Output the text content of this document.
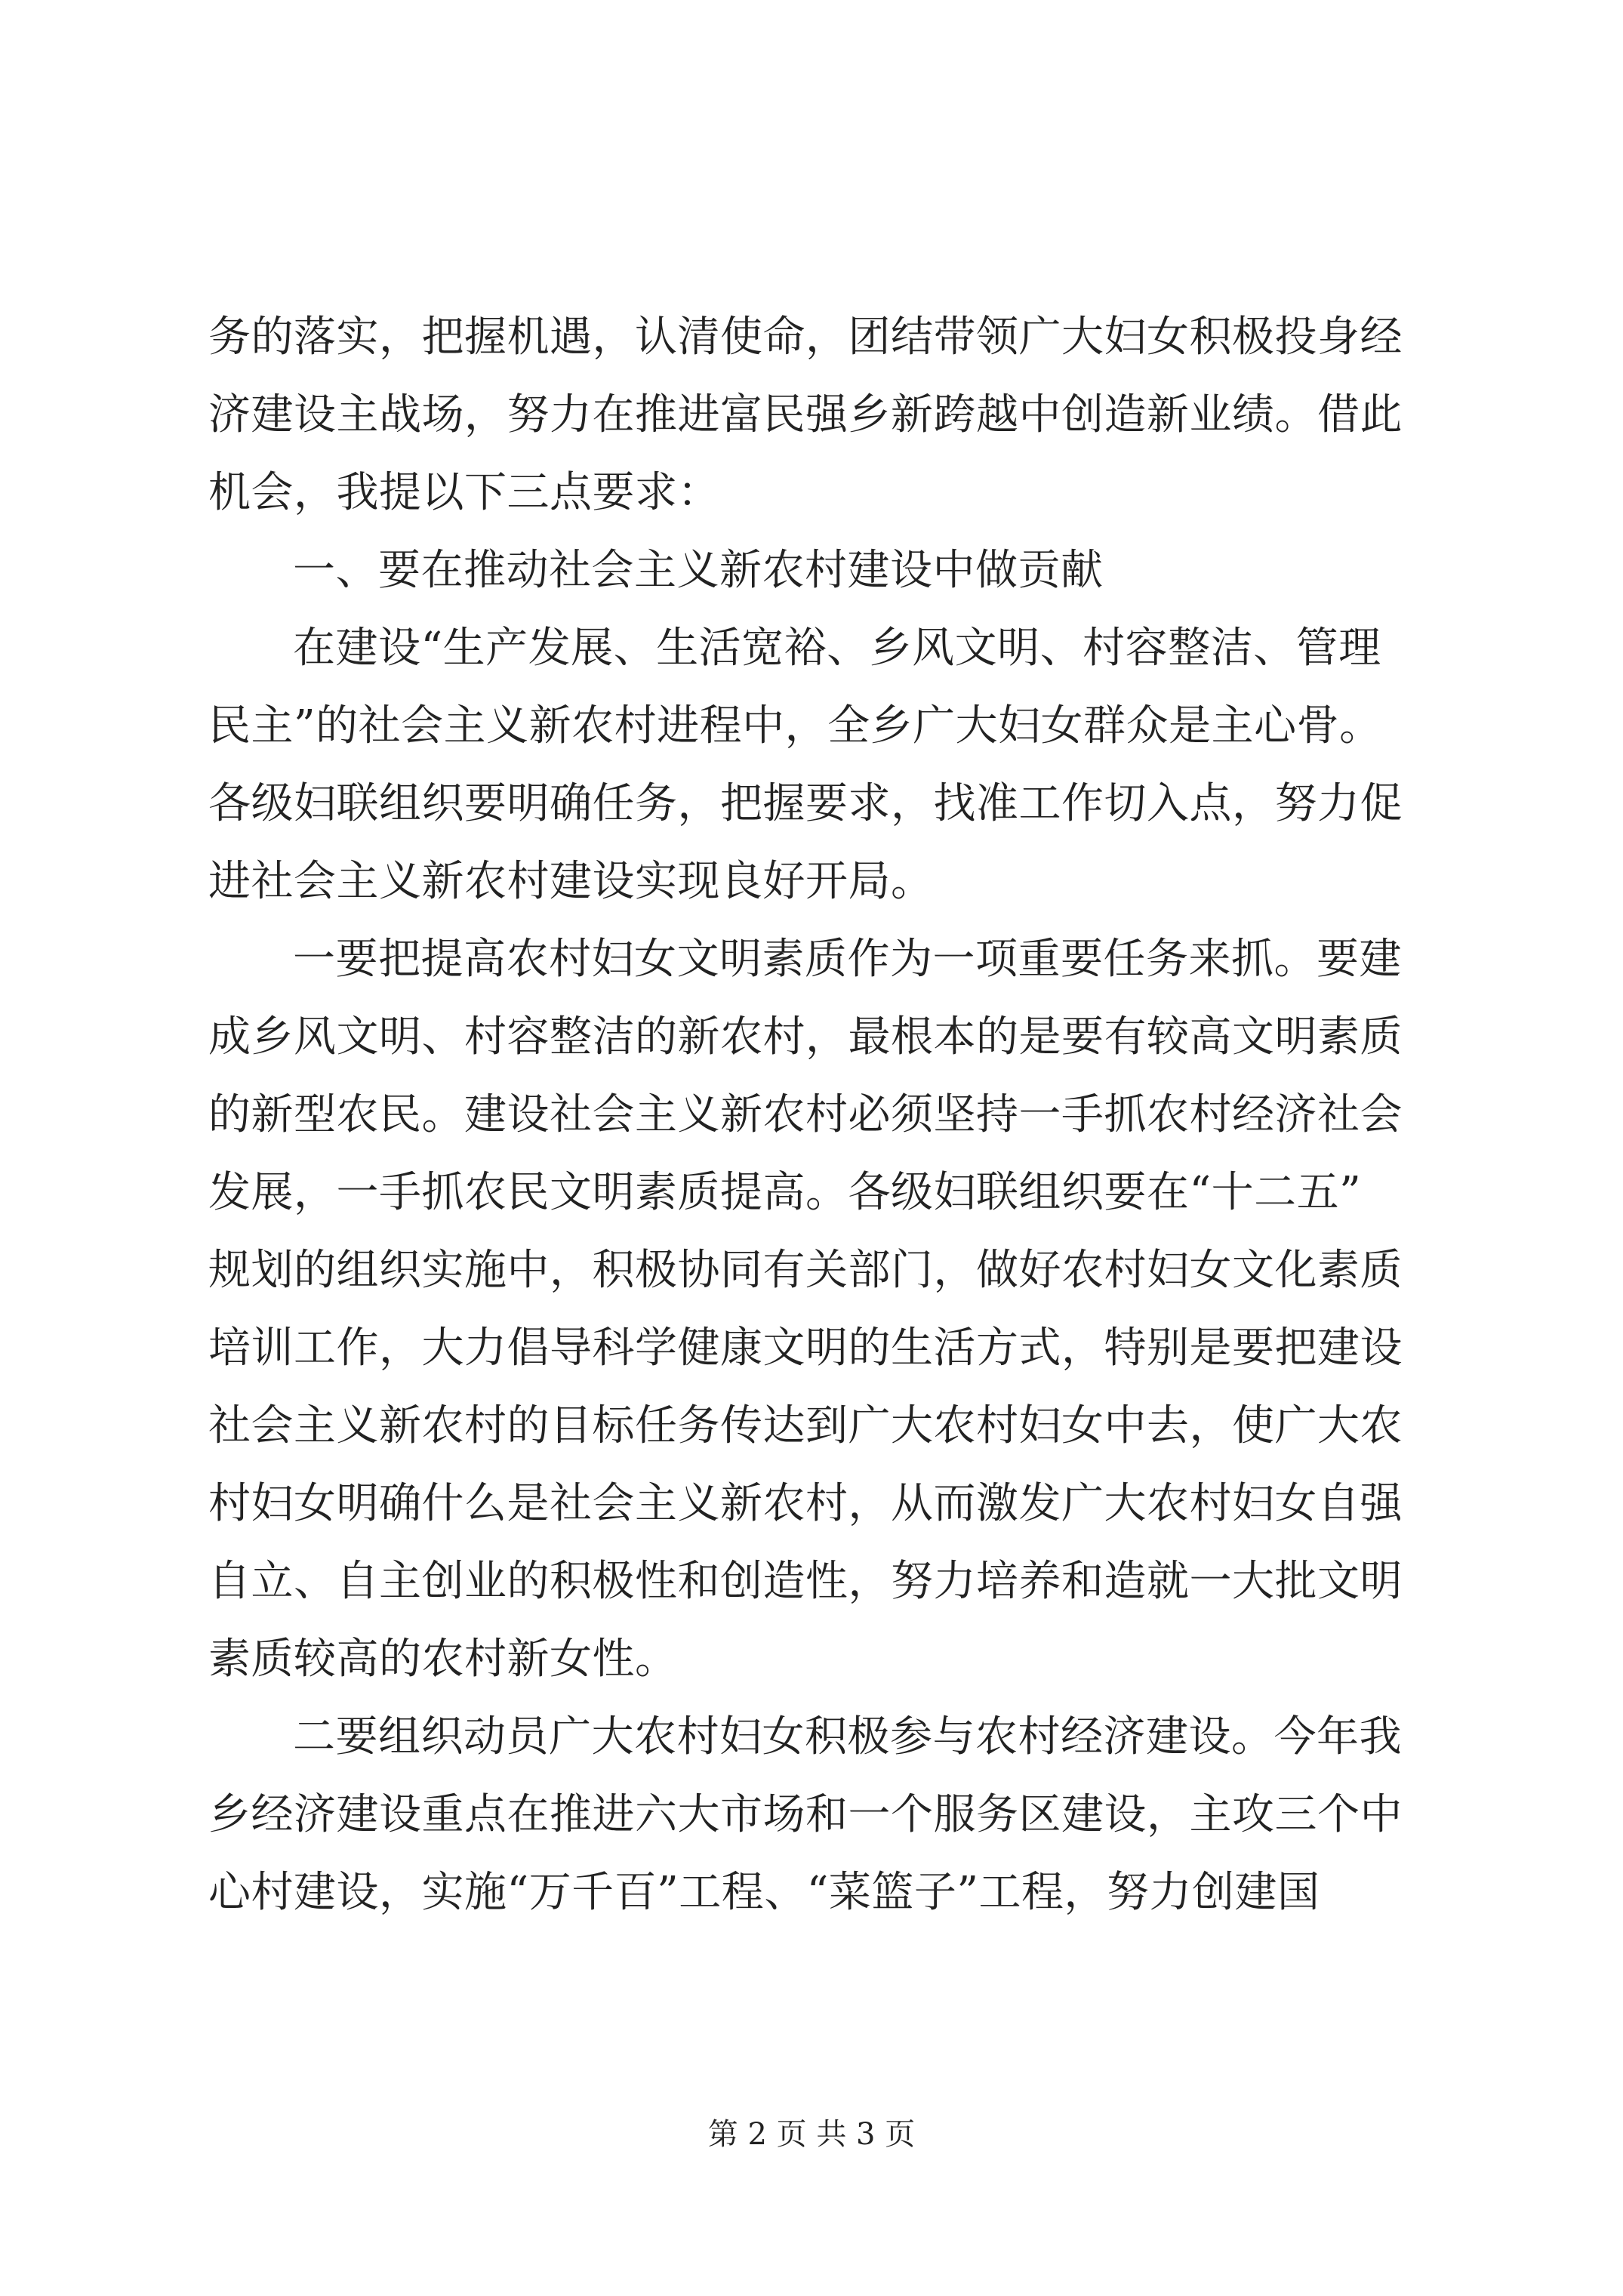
务的落实，把握机遇，认清使命，团结带领广大妇女积极投身经
济建设主战场，努力在推进富民强乡新跨越中创造新业绩。借此
机会，我提以下三点要求：
一、要在推动社会主义新农村建设中做贡献
在建设“生产发展、生活宽裕、乡风文明、村容整洁、管理
民主”的社会主义新农村进程中，全乡广大妇女群众是主心骨。
各级妇联组织要明确任务，把握要求，找准工作切入点，努力促
进社会主义新农村建设实现良好开局。
一要把提高农村妇女文明素质作为一项重要任务来抓。要建
成乡风文明、村容整洁的新农村，最根本的是要有较高文明素质
的新型农民。建设社会主义新农村必须坚持一手抓农村经济社会
发展，一手抓农民文明素质提高。各级妇联组织要在“十二五”
规划的组织实施中，积极协同有关部门，做好农村妇女文化素质
培训工作，大力倡导科学健康文明的生活方式，特别是要把建设
社会主义新农村的目标任务传达到广大农村妇女中去，使广大农
村妇女明确什么是社会主义新农村，从而激发广大农村妇女自强
自立、自主创业的积极性和创造性，努力培养和造就一大批文明
素质较高的农村新女性。
二要组织动员广大农村妇女积极参与农村经济建设。今年我
乡经济建设重点在推进六大市场和一个服务区建设，主攻三个中
心村建设，实施“万千百”工程、“菜篮子”工程，努力创建国
第 2 页 共 3 页
